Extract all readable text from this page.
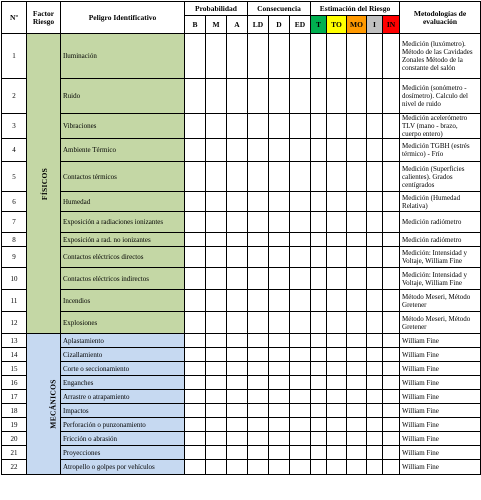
Nº	Factor Riesgo	Peligro Identificativo	Probabilidad			Consecuencia			Estimación del Riesgo					Metodologías de evaluación
			B	M	A	LD	D	ED	T	TO	MO	I	IN	
1	FÍSICOS	Iluminación												Medición (luxómetro). Método de las Cavidades Zonales Método de la constante del salón
2		Ruido												Medición (sonómetro - dosímetro). Calculo del nivel de ruido
3		Vibraciones												Medición acelerómetro TLV (mano - brazo, cuerpo entero)
4		Ambiente Térmico												Medición TGBH (estrés térmico) - Frío
5		Contactos térmicos												Medición (Superficies calientes). Grados centígrados
6		Humedad												Medición (Humedad Relativa)
7		Exposición a radiaciones ionizantes												Medición radiómetro
8		Exposición a rad. no ionizantes												Medición radiómetro
9		Contactos eléctricos directos												Medición: Intensidad y Voltaje, William Fine
10		Contactos eléctricos indirectos												Medición: Intensidad y Voltaje, William Fine
11		Incendios												Método Meseri, Método Gretener
12		Explosiones												Método Meseri, Método Gretener
13	MECÁNICOS	Aplastamiento												William Fine
14		Cizallamiento												William Fine
15		Corte o seccionamiento												William Fine
16		Enganches												William Fine
17		Arrastre o atrapamiento												William Fine
18		Impactos												William Fine
19		Perforación o punzonamiento												William Fine
20		Fricción o abrasión												William Fine
21		Proyecciones												William Fine
22		Atropello o golpes por vehículos												William Fine
